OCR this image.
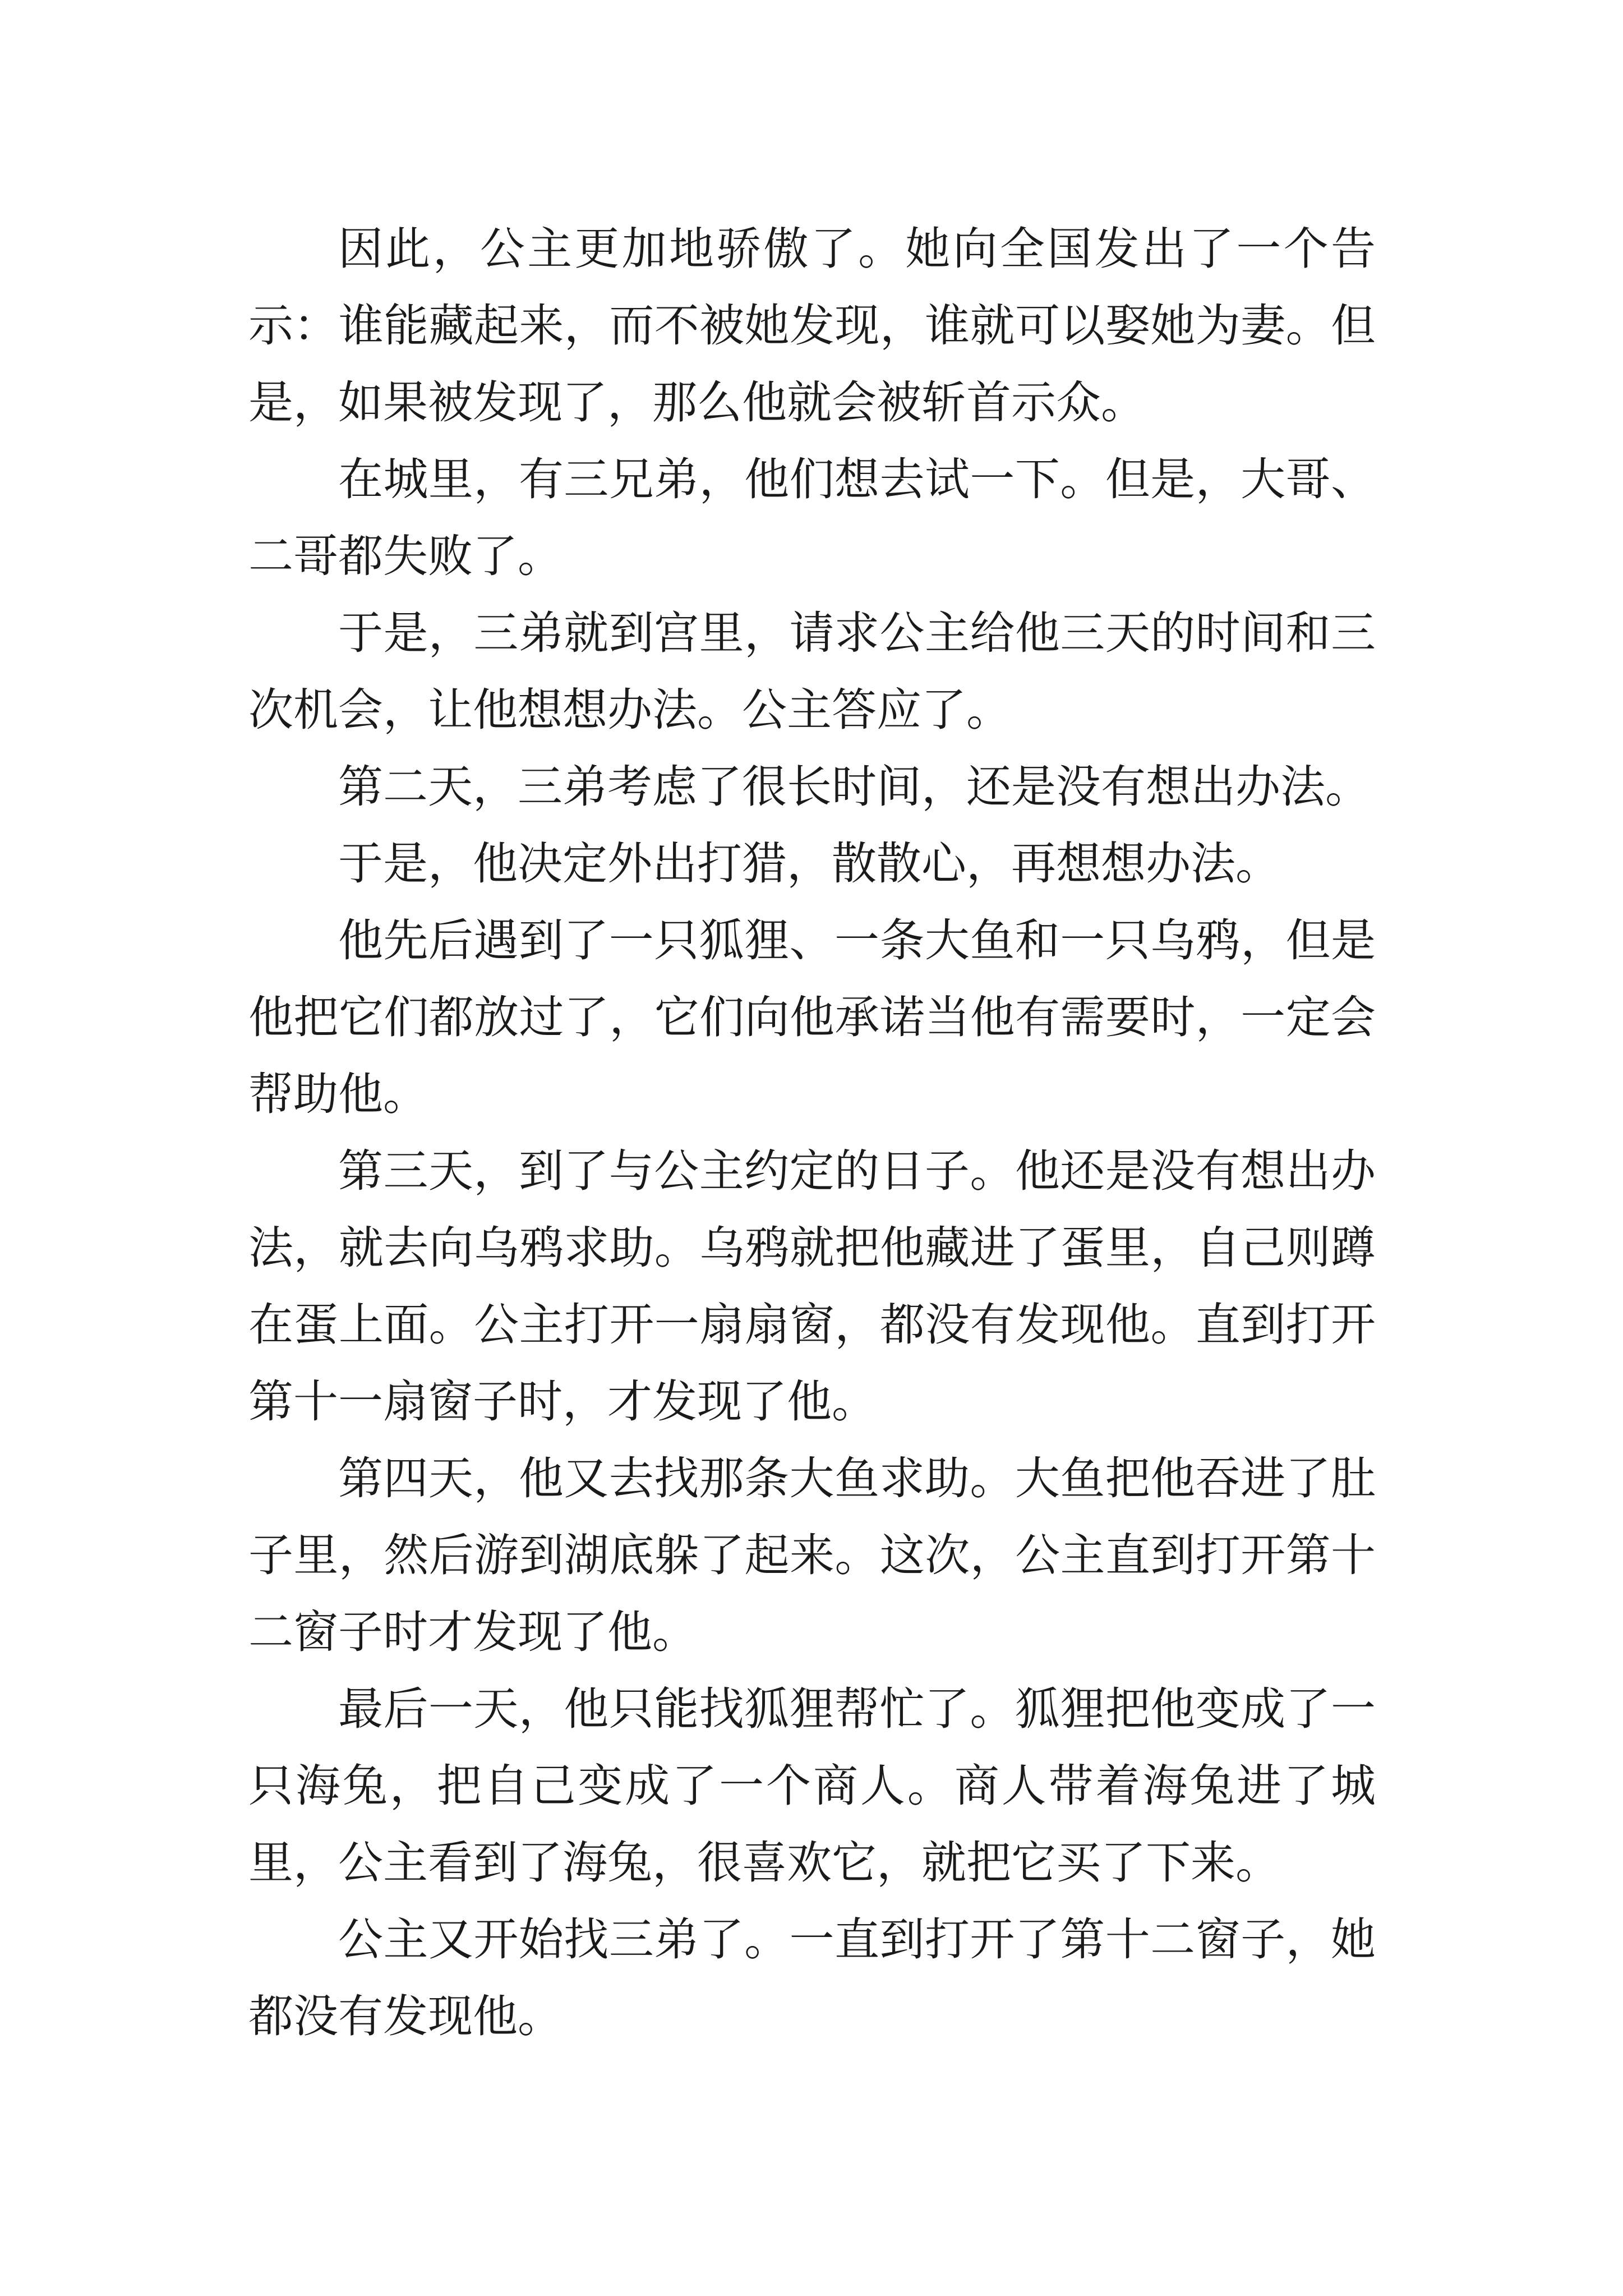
因此，公主更加地骄傲了。她向全国发出了一个告示：谁能藏起来，而不被她发现，谁就可以娶她为妻。但是，如果被发现了，那么他就会被斩首示众。

在城里，有三兄弟，他们想去试一下。但是，大哥、二哥都失败了。

于是，三弟就到宫里，请求公主给他三天的时间和三次机会，让他想想办法。公主答应了。

第二天，三弟考虑了很长时间，还是没有想出办法。

于是，他决定外出打猎，散散心，再想想办法。

他先后遇到了一只狐狸、一条大鱼和一只乌鸦，但是他把它们都放过了，它们向他承诺当他有需要时，一定会帮助他。

第三天，到了与公主约定的日子。他还是没有想出办法，就去向乌鸦求助。乌鸦就把他藏进了蛋里，自己则蹲在蛋上面。公主打开一扇扇窗，都没有发现他。直到打开第十一扇窗子时，才发现了他。

第四天，他又去找那条大鱼求助。大鱼把他吞进了肚子里，然后游到湖底躲了起来。这次，公主直到打开第十二窗子时才发现了他。

最后一天，他只能找狐狸帮忙了。狐狸把他变成了一只海兔，把自己变成了一个商人。商人带着海兔进了城里，公主看到了海兔，很喜欢它，就把它买了下来。

公主又开始找三弟了。一直到打开了第十二窗子，她都没有发现他。
